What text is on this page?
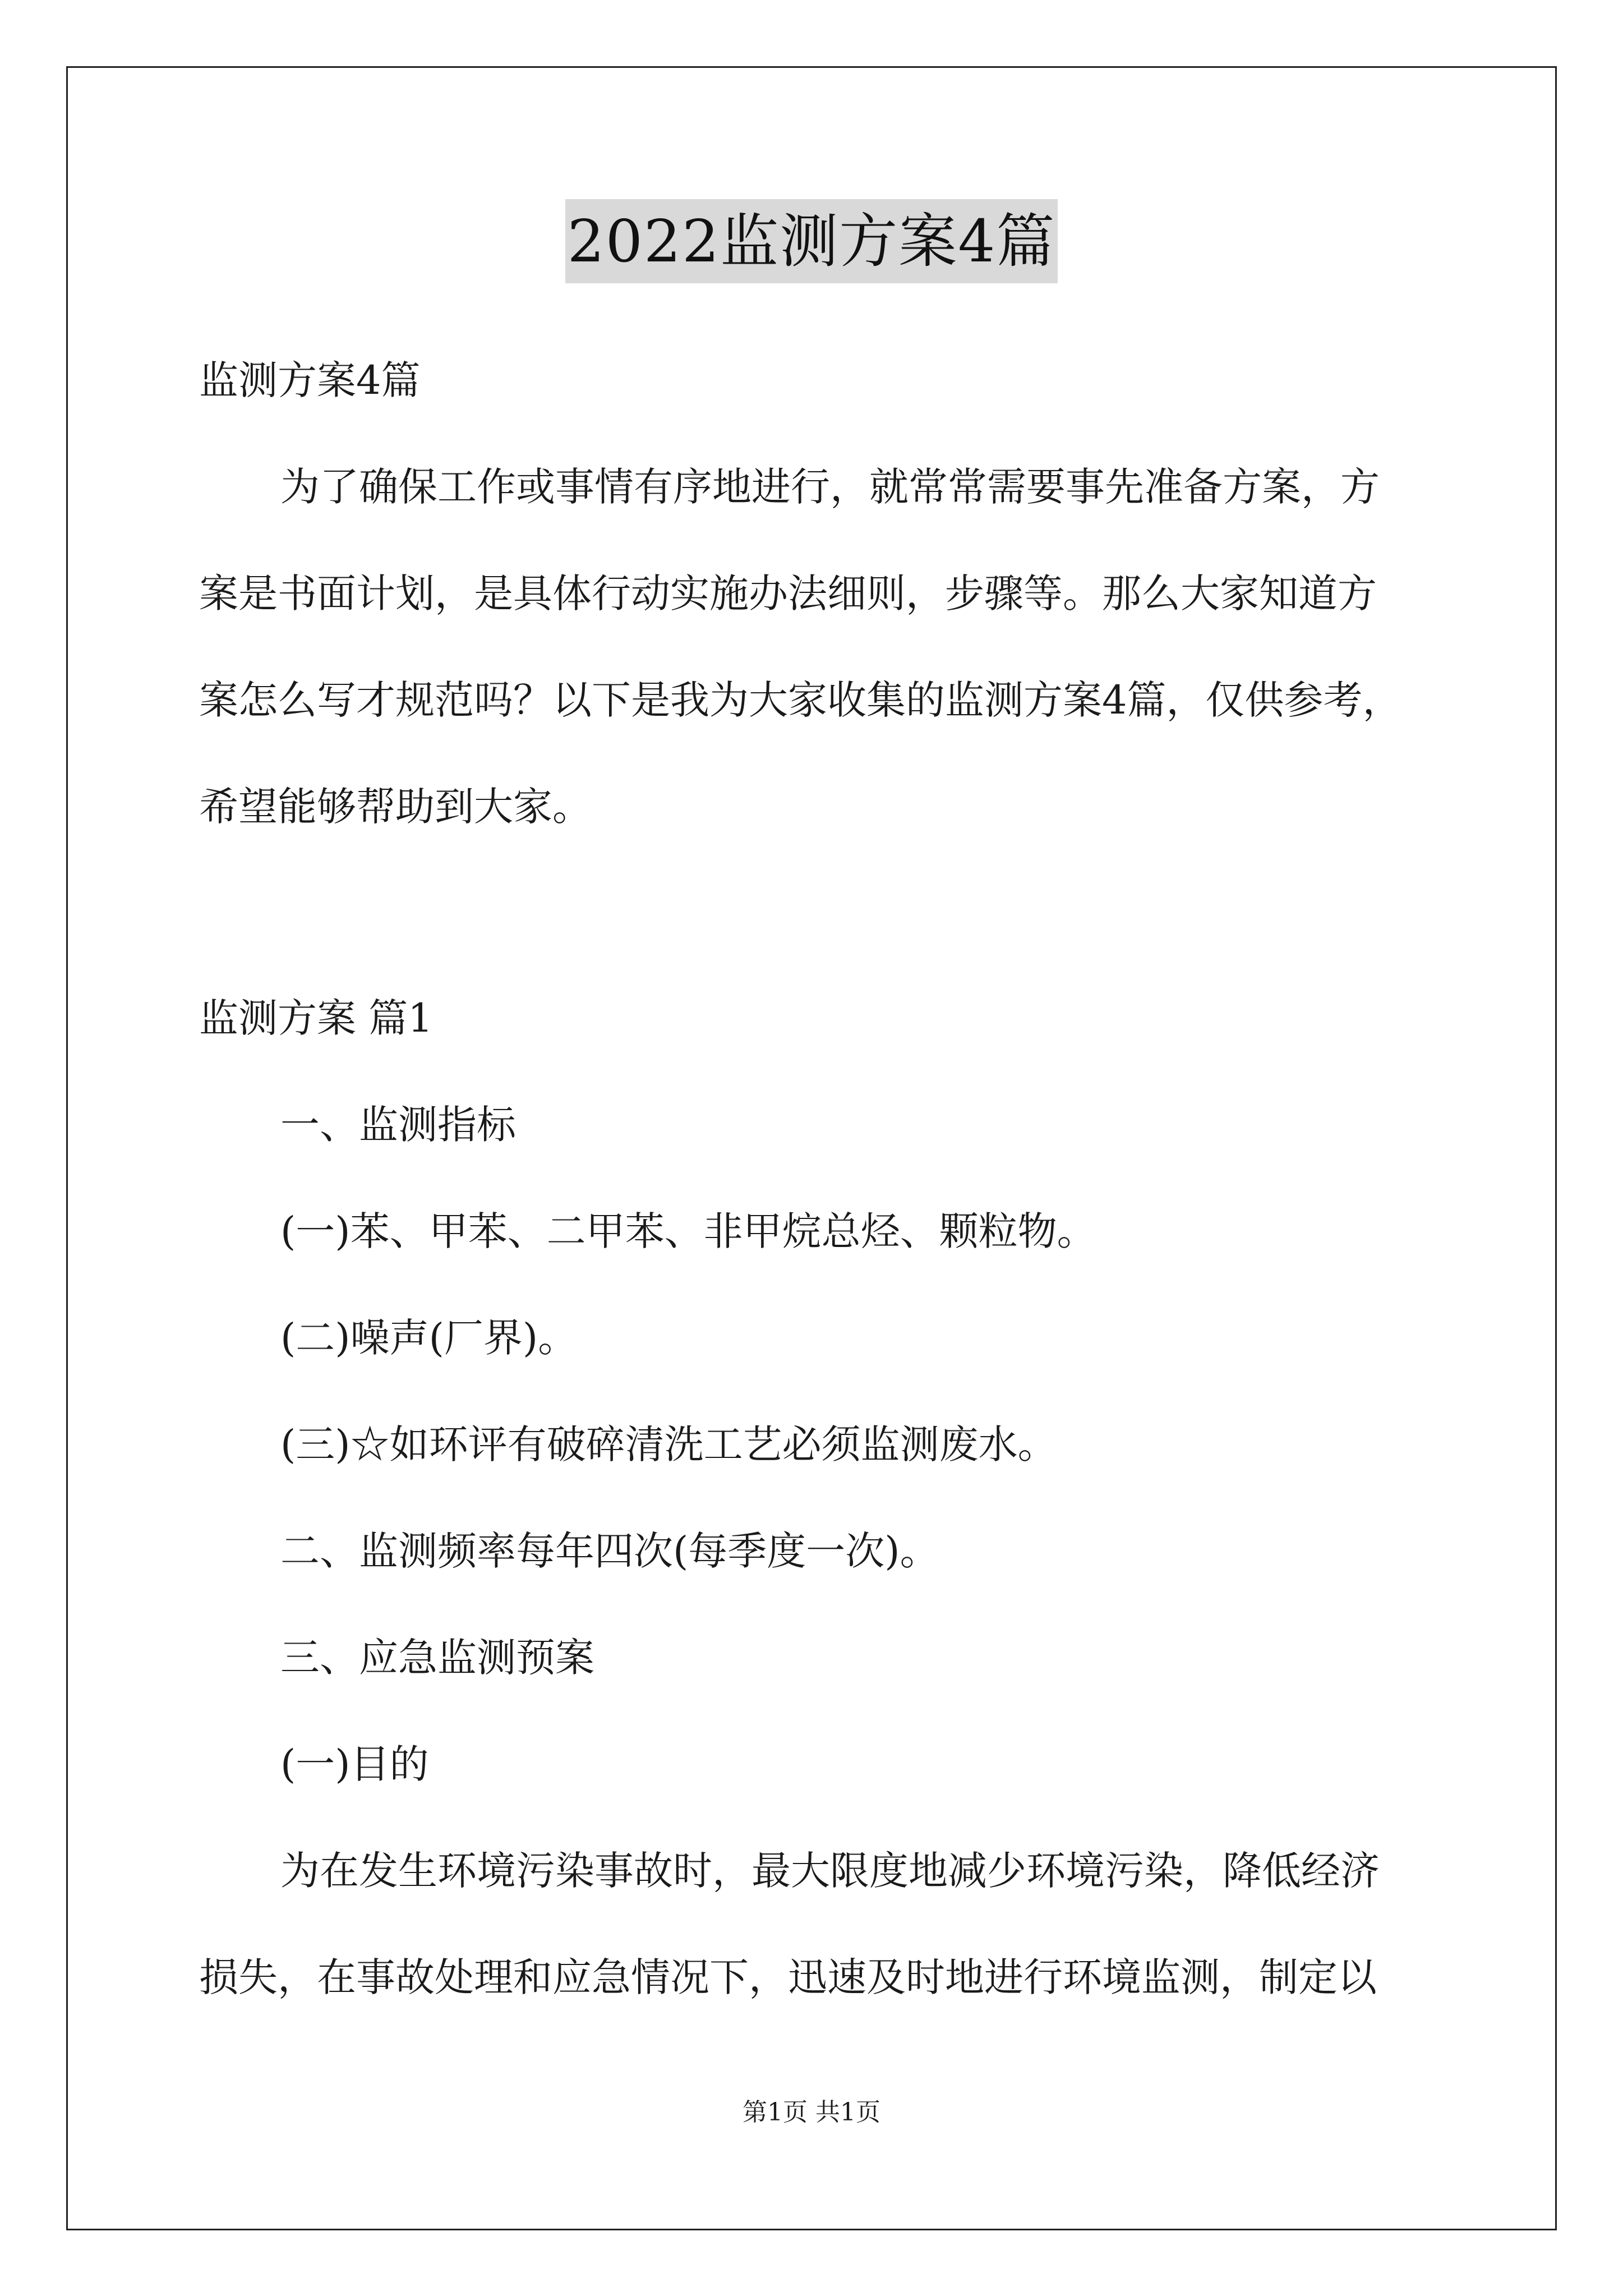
2022监测方案4篇
监测方案4篇
为了确保工作或事情有序地进行，就常常需要事先准备方案，方
案是书面计划，是具体行动实施办法细则，步骤等。那么大家知道方
案怎么写才规范吗？以下是我为大家收集的监测方案4篇，仅供参考，
希望能够帮助到大家。
监测方案 篇1
一、监测指标
(一)苯、甲苯、二甲苯、非甲烷总烃、颗粒物。
(二)噪声(厂界)。
(三)☆如环评有破碎清洗工艺必须监测废水。
二、监测频率每年四次(每季度一次)。
三、应急监测预案
(一)目的
为在发生环境污染事故时，最大限度地减少环境污染，降低经济
损失，在事故处理和应急情况下，迅速及时地进行环境监测，制定以
第1页 共1页
